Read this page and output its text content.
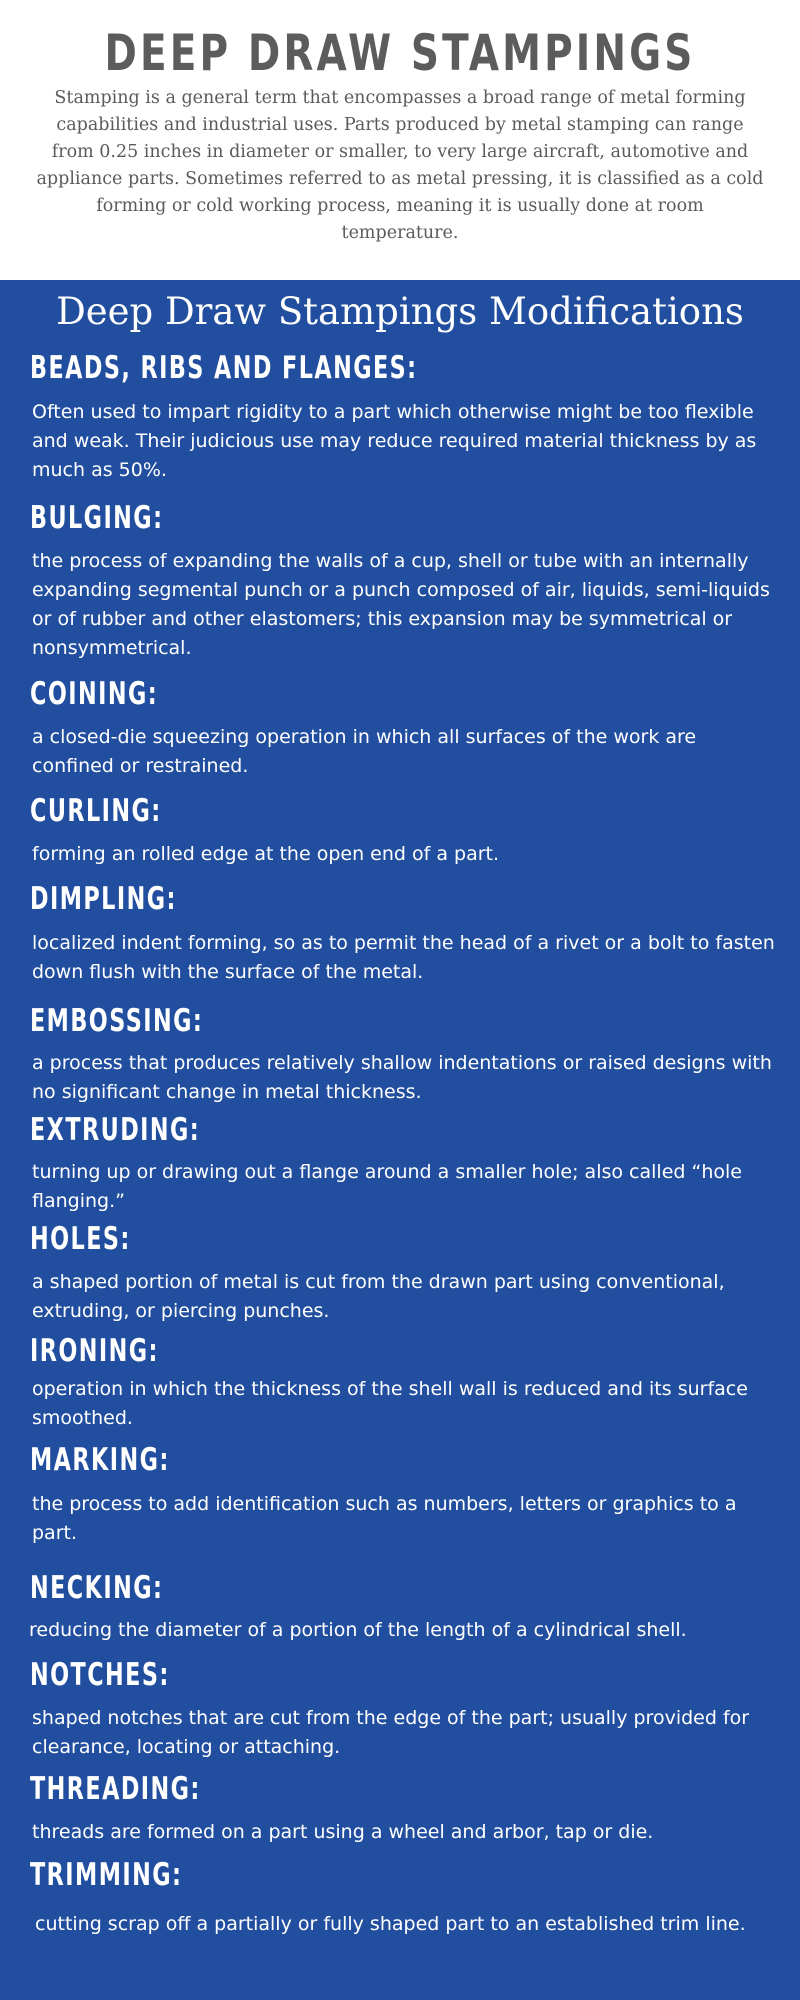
DEEP DRAW STAMPINGS
Stamping is a general term that encompasses a broad range of metal forming capabilities and industrial uses. Parts produced by metal stamping can range from 0.25 inches in diameter or smaller, to very large aircraft, automotive and appliance parts. Sometimes referred to as metal pressing, it is classified as a cold forming or cold working process, meaning it is usually done at room temperature.
Deep Draw Stampings Modifications
BEADS, RIBS AND FLANGES:
Often used to impart rigidity to a part which otherwise might be too flexible and weak. Their judicious use may reduce required material thickness by as much as 50%.
BULGING:
the process of expanding the walls of a cup, shell or tube with an internally expanding segmental punch or a punch composed of air, liquids, semi-liquids or of rubber and other elastomers; this expansion may be symmetrical or nonsymmetrical.
COINING:
a closed-die squeezing operation in which all surfaces of the work are confined or restrained.
CURLING:
forming an rolled edge at the open end of a part.
DIMPLING:
localized indent forming, so as to permit the head of a rivet or a bolt to fasten down flush with the surface of the metal.
EMBOSSING:
a process that produces relatively shallow indentations or raised designs with no significant change in metal thickness.
EXTRUDING:
turning up or drawing out a flange around a smaller hole; also called “hole flanging.”
HOLES:
a shaped portion of metal is cut from the drawn part using conventional, extruding, or piercing punches.
IRONING:
operation in which the thickness of the shell wall is reduced and its surface smoothed.
MARKING:
the process to add identification such as numbers, letters or graphics to a part.
NECKING:
reducing the diameter of a portion of the length of a cylindrical shell.
NOTCHES:
shaped notches that are cut from the edge of the part; usually provided for clearance, locating or attaching.
THREADING:
threads are formed on a part using a wheel and arbor, tap or die.
TRIMMING:
cutting scrap off a partially or fully shaped part to an established trim line.
